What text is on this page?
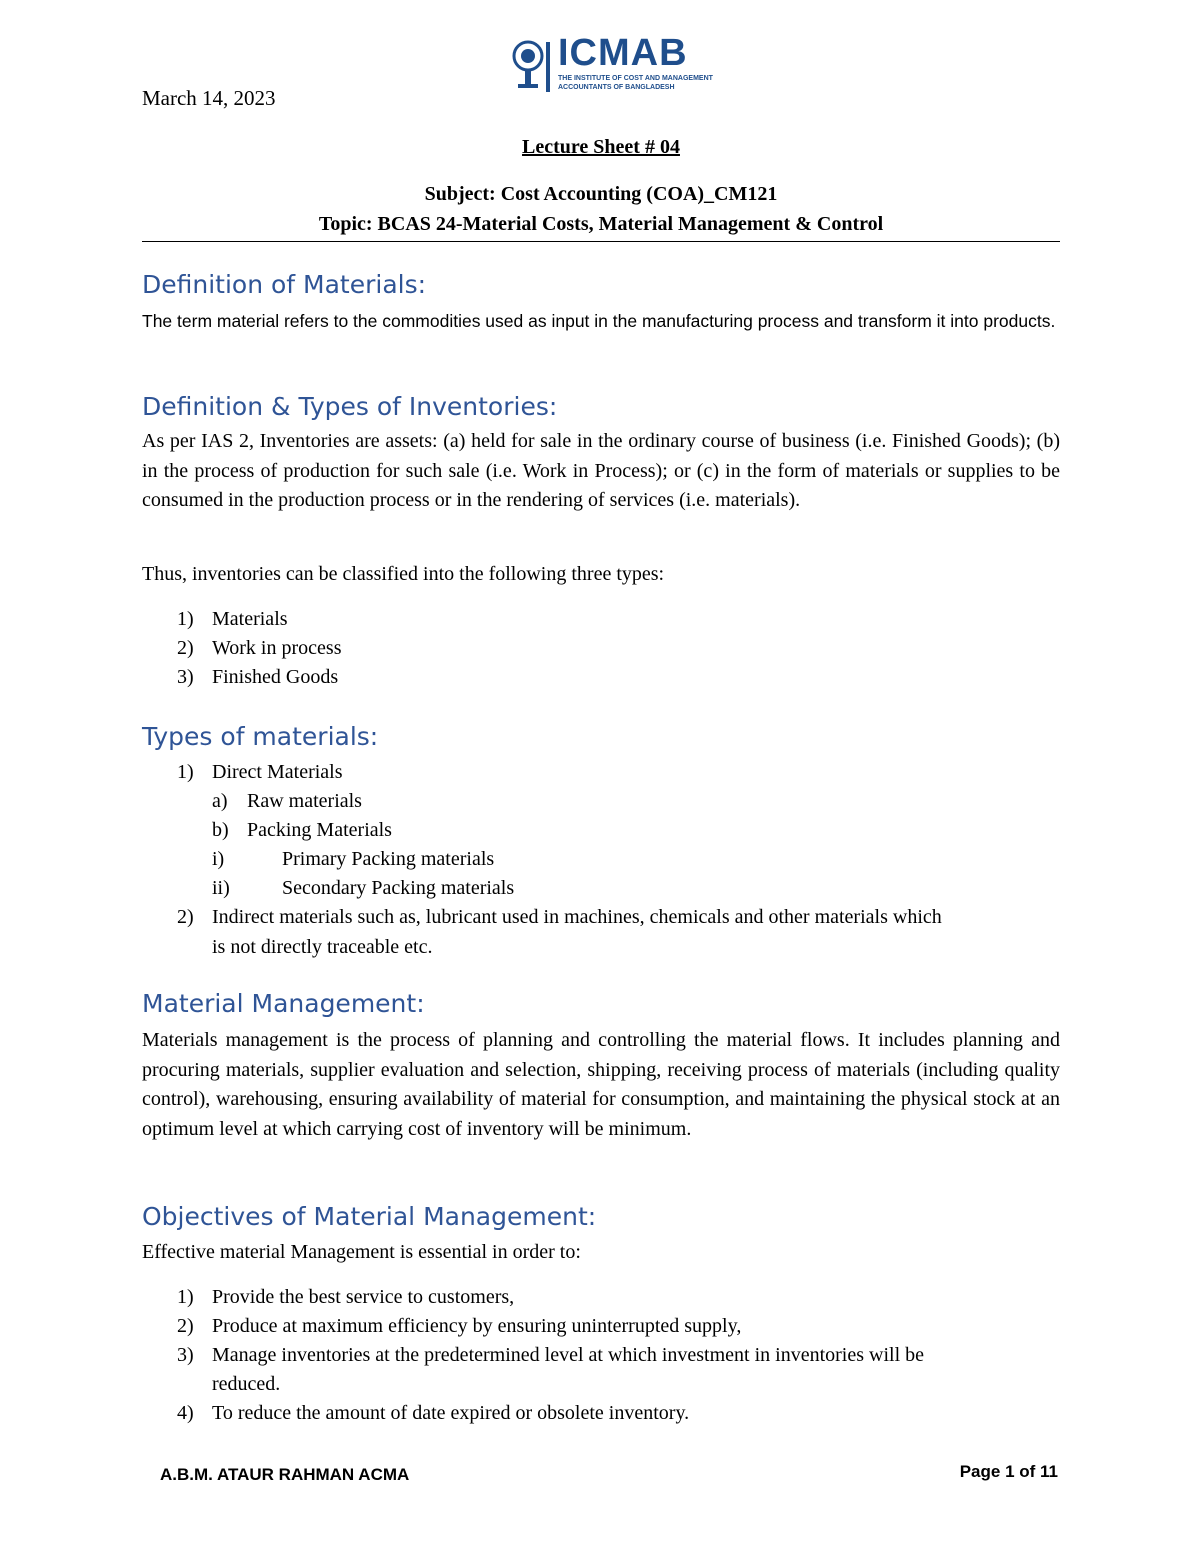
March 14, 2023
ICMAB
THE INSTITUTE OF COST AND MANAGEMENT
ACCOUNTANTS OF BANGLADESH
Lecture Sheet # 04
Subject: Cost Accounting (COA)_CM121
Topic: BCAS 24-Material Costs, Material Management & Control
Definition of Materials:
The term material refers to the commodities used as input in the manufacturing process and transform it into products.
Definition & Types of Inventories:
As per IAS 2, Inventories are assets: (a) held for sale in the ordinary course of business (i.e. Finished Goods); (b) in the process of production for such sale (i.e. Work in Process); or (c) in the form of materials or supplies to be consumed in the production process or in the rendering of services (i.e. materials).
Thus, inventories can be classified into the following three types:
1) Materials
2) Work in process
3) Finished Goods
Types of materials:
1) Direct Materials
a) Raw materials
b) Packing Materials
i)	Primary Packing materials
ii)	Secondary Packing materials
2) Indirect materials such as, lubricant used in machines, chemicals and other materials which
is not directly traceable etc.
Material Management:
Materials management is the process of planning and controlling the material flows. It includes planning and procuring materials, supplier evaluation and selection, shipping, receiving process of materials (including quality control), warehousing, ensuring availability of material for consumption, and maintaining the physical stock at an optimum level at which carrying cost of inventory will be minimum.
Objectives of Material Management:
Effective material Management is essential in order to:
1) Provide the best service to customers,
2) Produce at maximum efficiency by ensuring uninterrupted supply,
3) Manage inventories at the predetermined level at which investment in inventories will be
reduced.
4) To reduce the amount of date expired or obsolete inventory.
A.B.M. ATAUR RAHMAN ACMA	Page 1 of 11
